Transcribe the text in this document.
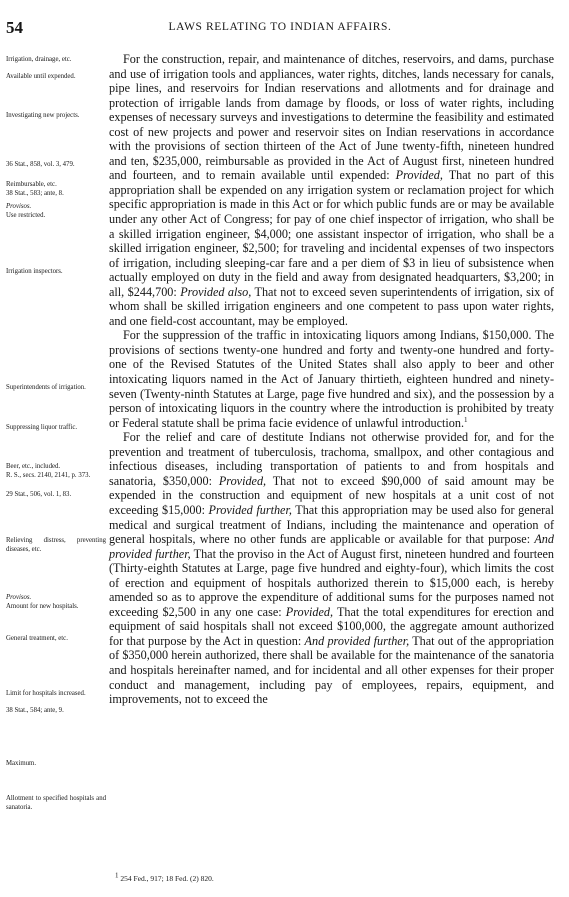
54	LAWS RELATING TO INDIAN AFFAIRS.
Irrigation, drainage, etc.
Available until expended.
Investigating new projects.
36 Stat., 858, vol. 3, 479.
Reimbursable, etc.
38 Stat., 583; ante, 8.
Provisos.
Use restricted.
Irrigation inspectors.
Superintendents of irrigation.
Suppressing liquor traffic.
Beer, etc., included.
R. S., secs. 2140, 2141, p. 373.
29 Stat., 506, vol. 1, 83.
Relieving distress, preventing diseases, etc.
Provisos.
Amount for new hospitals.
General treatment, etc.
Limit for hospitals increased.
38 Stat., 584; ante, 9.
Maximum.
Allotment to specified hospitals and sanatoria.

For the construction, repair, and maintenance of ditches, reservoirs, and dams, purchase and use of irrigation tools and appliances, water rights, ditches, lands necessary for canals, pipe lines, and reservoirs for Indian reservations and allotments and for drainage and protection of irrigable lands from damage by floods, or loss of water rights, including expenses of necessary surveys and investigations to determine the feasibility and estimated cost of new projects and power and reservoir sites on Indian reservations in accordance with the provisions of section thirteen of the Act of June twenty-fifth, nineteen hundred and ten, $235,000, reimbursable as provided in the Act of August first, nineteen hundred and fourteen, and to remain available until expended: Provided, That no part of this appropriation shall be expended on any irrigation system or reclamation project for which specific appropriation is made in this Act or for which public funds are or may be available under any other Act of Congress; for pay of one chief inspector of irrigation, who shall be a skilled irrigation engineer, $4,000; one assistant inspector of irrigation, who shall be a skilled irrigation engineer, $2,500; for traveling and incidental expenses of two inspectors of irrigation, including sleeping-car fare and a per diem of $3 in lieu of subsistence when actually employed on duty in the field and away from designated headquarters, $3,200; in all, $244,700: Provided also, That not to exceed seven superintendents of irrigation, six of whom shall be skilled irrigation engineers and one competent to pass upon water rights, and one field-cost accountant, may be employed.

For the suppression of the traffic in intoxicating liquors among Indians, $150,000. The provisions of sections twenty-one hundred and forty and twenty-one hundred and forty-one of the Revised Statutes of the United States shall also apply to beer and other intoxicating liquors named in the Act of January thirtieth, eighteen hundred and ninety-seven (Twenty-ninth Statutes at Large, page five hundred and six), and the possession by a person of intoxicating liquors in the country where the introduction is prohibited by treaty or Federal statute shall be prima facie evidence of unlawful introduction.$^1$

For the relief and care of destitute Indians not otherwise provided for, and for the prevention and treatment of tuberculosis, trachoma, smallpox, and other contagious and infectious diseases, including transportation of patients to and from hospitals and sanatoria, $350,000: Provided, That not to exceed $90,000 of said amount may be expended in the construction and equipment of new hospitals at a unit cost of not exceeding $15,000: Provided further, That this appropriation may be used also for general medical and surgical treatment of Indians, including the maintenance and operation of general hospitals, where no other funds are applicable or available for that purpose: And provided further, That the proviso in the Act of August first, nineteen hundred and fourteen (Thirty-eighth Statutes at Large, page five hundred and eighty-four), which limits the cost of erection and equipment of hospitals authorized therein to $15,000 each, is hereby amended so as to approve the expenditure of additional sums for the purposes named not exceeding $2,500 in any one case: Provided, That the total expenditures for erection and equipment of said hospitals shall not exceed $100,000, the aggregate amount authorized for that purpose by the Act in question: And provided further, That out of the appropriation of $350,000 herein authorized, there shall be available for the maintenance of the sanatoria and hospitals hereinafter named, and for incidental and all other expenses for their proper conduct and management, including pay of employees, repairs, equipment, and improvements, not to exceed the

$^1$ 254 Fed., 917; 18 Fed. (2) 820.
